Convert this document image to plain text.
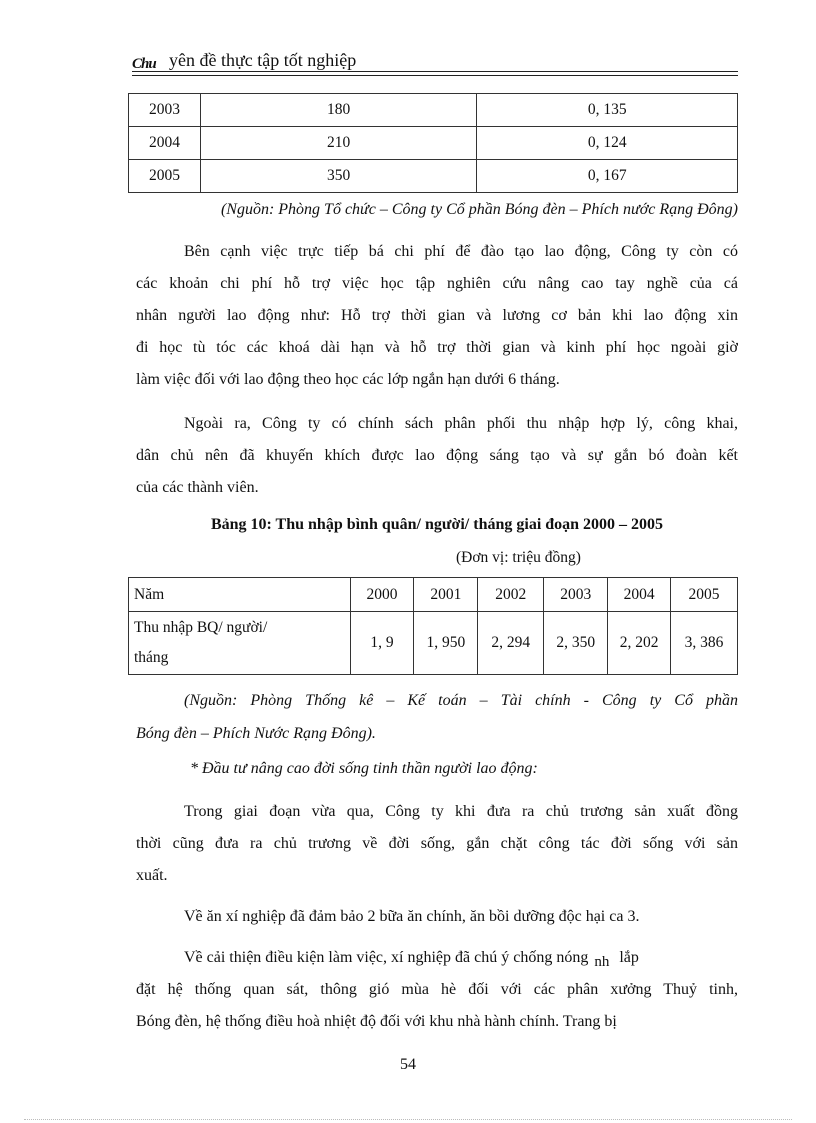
Chu yên đề thực tập tốt nghiệp
2003	180	0, 135
2004	210	0, 124
2005	350	0, 167
(Nguồn: Phòng Tổ chức – Công ty Cổ phần Bóng đèn – Phích nước Rạng Đông)
Bên cạnh việc trực tiếp bá chi phí để đào tạo lao động, Công ty còn có
các khoản chi phí hỗ trợ việc học tập nghiên cứu nâng cao tay nghề của cá
nhân người lao động như: Hỗ trợ thời gian và lương cơ bản khi lao động xin
đi học tù tóc các khoá dài hạn và hỗ trợ thời gian và kinh phí học ngoài giờ
làm việc đối với lao động theo học các lớp ngắn hạn dưới 6 tháng.
Ngoài ra, Công ty có chính sách phân phối thu nhập hợp lý, công khai,
dân chủ nên đã khuyến khích được lao động sáng tạo và sự gắn bó đoàn kết
của các thành viên.
Bảng 10: Thu nhập bình quân/ người/ tháng giai đoạn 2000 – 2005
(Đơn vị: triệu đồng)
Năm	2000	2001	2002	2003	2004	2005

Thu nhập BQ/ người/
tháng	1, 9	1, 950	2, 294	2, 350	2, 202	3, 386
(Nguồn: Phòng Thống kê – Kế toán – Tài chính - Công ty Cổ phần
Bóng đèn – Phích Nước Rạng Đông).
* Đầu tư nâng cao đời sống tinh thần người lao động:
Trong giai đoạn vừa qua, Công ty khi đưa ra chủ trương sản xuất đồng
thời cũng đưa ra chủ trương về đời sống, gắn chặt công tác đời sống với sản
xuất.
Về ăn xí nghiệp đã đảm bảo 2 bữa ăn chính, ăn bồi dưỡng độc hại ca 3.
Về cải thiện điều kiện làm việc, xí nghiệp đã chú ý chống nóng nh lắp
đặt hệ thống quan sát, thông gió mùa hè đối với các phân xưởng Thuỷ tinh,
Bóng đèn, hệ thống điều hoà nhiệt độ đối với khu nhà hành chính. Trang bị
54
